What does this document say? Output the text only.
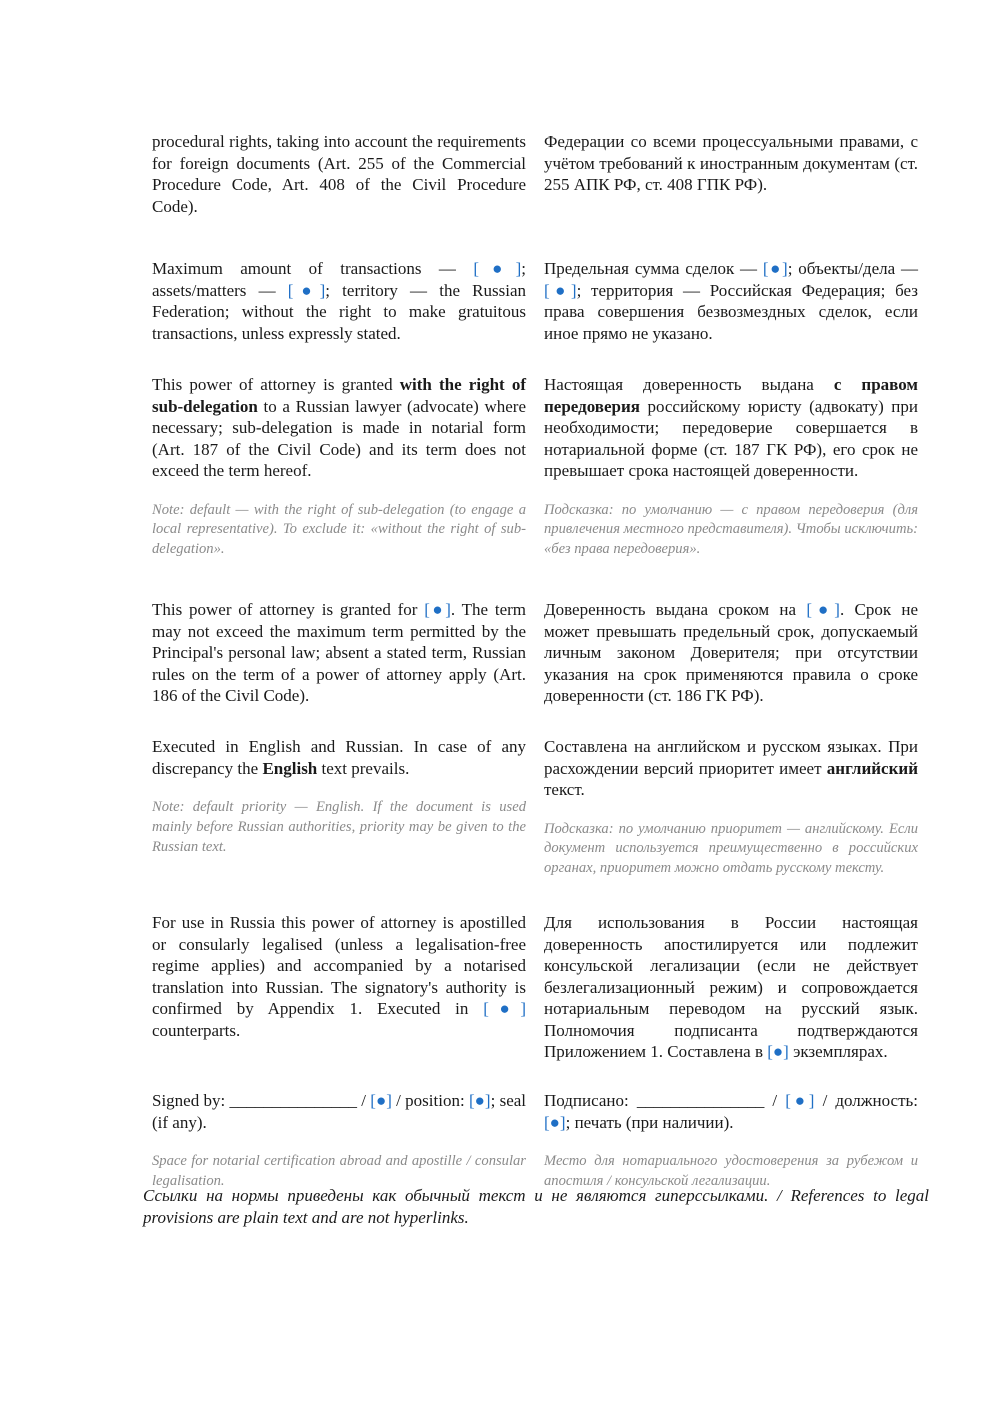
procedural rights, taking into account the requirements for foreign documents (Art. 255 of the Commercial Procedure Code, Art. 408 of the Civil Procedure Code).
Федерации со всеми процессуальными правами, с учётом требований к иностранным документам (ст. 255 АПК РФ, ст. 408 ГПК РФ).
Maximum amount of transactions — [●]; assets/matters — [●]; territory — the Russian Federation; without the right to make gratuitous transactions, unless expressly stated.
Предельная сумма сделок — [●]; объекты/дела — [●]; территория — Российская Федерация; без права совершения безвозмездных сделок, если иное прямо не указано.
This power of attorney is granted with the right of sub-delegation to a Russian lawyer (advocate) where necessary; sub-delegation is made in notarial form (Art. 187 of the Civil Code) and its term does not exceed the term hereof.
Note: default — with the right of sub-delegation (to engage a local representative). To exclude it: «without the right of sub-delegation».
Настоящая доверенность выдана с правом передоверия российскому юристу (адвокату) при необходимости; передоверие совершается в нотариальной форме (ст. 187 ГК РФ), его срок не превышает срока настоящей доверенности.
Подсказка: по умолчанию — с правом передоверия (для привлечения местного представителя). Чтобы исключить: «без права передоверия».
This power of attorney is granted for [●]. The term may not exceed the maximum term permitted by the Principal's personal law; absent a stated term, Russian rules on the term of a power of attorney apply (Art. 186 of the Civil Code).
Доверенность выдана сроком на [●]. Срок не может превышать предельный срок, допускаемый личным законом Доверителя; при отсутствии указания на срок применяются правила о сроке доверенности (ст. 186 ГК РФ).
Executed in English and Russian. In case of any discrepancy the English text prevails.
Note: default priority — English. If the document is used mainly before Russian authorities, priority may be given to the Russian text.
Составлена на английском и русском языках. При расхождении версий приоритет имеет английский текст.
Подсказка: по умолчанию приоритет — английскому. Если документ используется преимущественно в российских органах, приоритет можно отдать русскому тексту.
For use in Russia this power of attorney is apostilled or consularly legalised (unless a legalisation-free regime applies) and accompanied by a notarised translation into Russian. The signatory's authority is confirmed by Appendix 1. Executed in [●] counterparts.
Для использования в России настоящая доверенность апостилируется или подлежит консульской легализации (если не действует безлегализационный режим) и сопровождается нотариальным переводом на русский язык. Полномочия подписанта подтверждаются Приложением 1. Составлена в [●] экземплярах.
Signed by: _______________ / [●] / position: [●]; seal (if any).
Space for notarial certification abroad and apostille / consular legalisation.
Подписано: _______________ / [●] / должность: [●]; печать (при наличии).
Место для нотариального удостоверения за рубежом и апостиля / консульской легализации.
Ссылки на нормы приведены как обычный текст и не являются гиперссылками. / References to legal provisions are plain text and are not hyperlinks.
